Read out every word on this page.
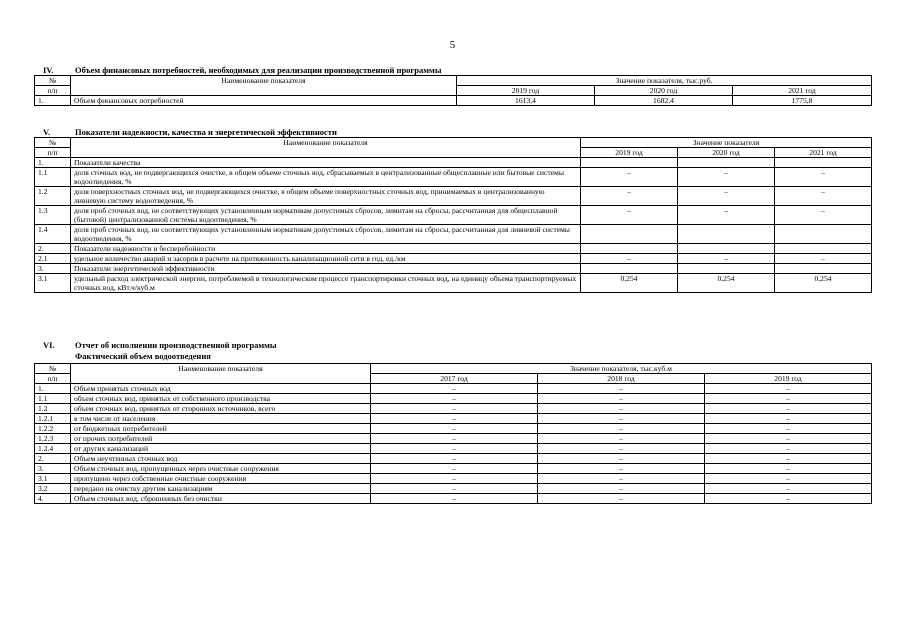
5
IV.	Объем финансовых потребностей, необходимых для реализации производственной программы
№	Наименование показателя	Значение показателя, тыс.руб.		
п/п		2019 год	2020 год	2021 год
1.	Объем финансовых потребностей	1613,4	1682,4	1775,8
V.	Показатели надежности, качества и энергетической эффективности
№	Наименование показателя	Значение показателя		
п/п		2019 год	2020 год	2021 год
1.	Показатели качества			
1.1	доля сточных вод, не подвергающихся очистке, в общем объеме сточных вод, сбрасываемых в централизованные общесплавные или бытовые системы водоотведения, %	–	–	–
1.2	доля поверхностных сточных вод, не подвергающихся очистке, в общем объеме поверхностных сточных вод, принимаемых в централизованную ливневую систему водоотведения, %	–	–	–
1.3	доля проб сточных вод, не соответствующих установленным нормативам допустимых сбросов, лимитам на сбросы, рассчитанная для общесплавной (бытовой) централизованной системы водоотведения, %	–	–	–
1.4	доля проб сточных вод, не соответствующих установленным нормативам допустимых сбросов, лимитам на сбросы, рассчитанная для ливневой системы водоотведения, %			
2.	Показатели надежности и бесперебойности			
2.1	удельное количество аварий и засоров в расчете на протяженность канализационной сети в год, ед./км	–	–	–
3.	Показатели энергетической эффективности			
3.1	удельный расход электрической энергии, потребляемой в технологическом процессе транспортировки сточных вод, на единицу объема транспортируемых сточных вод, кВт.ч/куб.м	0,254	0,254	0,254
VI. Отчет об исполнении производственной программы
Фактический объем водоотведения
№	Наименование показателя	Значение показателя, тыс.куб.м		
п/п		2017 год	2018 год	2019 год
1.	Объем принятых сточных вод	–	–	–
1.1	объем сточных вод, принятых от собственного производства	–	–	–
1.2	объем сточных вод, принятых от сторонних источников, всего	–	–	–
1.2.1	в том числе от населения	–	–	–
1.2.2	от бюджетных потребителей	–	–	–
1.2.3	от прочих потребителей	–	–	–
1.2.4	от других канализаций	–	–	–
2.	Объем неучтенных сточных вод	–	–	–
3.	Объем сточных вод, пропущенных через очистные сооружения	–	–	–
3.1	пропущено через собственные очистные сооружения	–	–	–
3.2	передано на очистку другим канализациям	–	–	–
4.	Объем сточных вод, сброшенных без очистки	–	–	–
